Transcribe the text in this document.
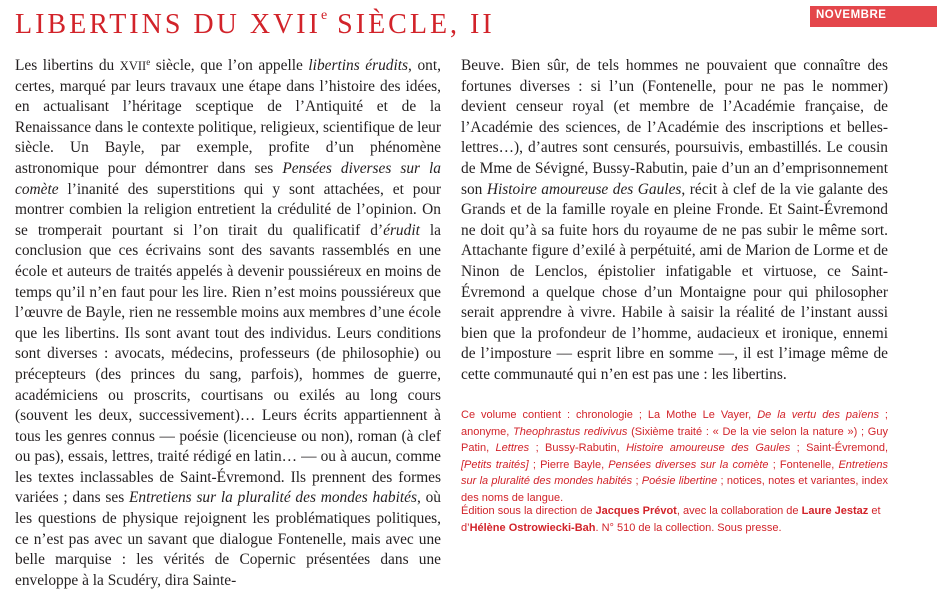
LIBERTINS DU XVIIe SIÈCLE, II	NOVEMBRE

Les libertins du XVIIe siècle, que l’on appelle libertins érudits, ont, certes, marqué par leurs travaux une étape dans l’histoire des idées, en actualisant l’héritage sceptique de l’Antiquité et de la Renaissance dans le contexte politique, religieux, scientifique de leur siècle. Un Bayle, par exemple, profite d’un phénomène astronomique pour démontrer dans ses Pensées diverses sur la comète l’inanité des superstitions qui y sont attachées, et pour montrer combien la religion entretient la crédulité de l’opinion. On se tromperait pourtant si l’on tirait du qualificatif d’érudit la conclusion que ces écrivains sont des savants rassemblés en une école et auteurs de traités appelés à devenir poussiéreux en moins de temps qu’il n’en faut pour les lire. Rien n’est moins poussiéreux que l’œuvre de Bayle, rien ne ressemble moins aux membres d’une école que les libertins. Ils sont avant tout des individus. Leurs conditions sont diverses : avocats, médecins, professeurs (de philosophie) ou précepteurs (des princes du sang, parfois), hommes de guerre, académiciens ou proscrits, courtisans ou exilés au long cours (souvent les deux, successivement)… Leurs écrits appartiennent à tous les genres connus — poésie (licencieuse ou non), roman (à clef ou pas), essais, lettres, traité rédigé en latin… — ou à aucun, comme les textes inclassables de Saint-Évremond. Ils prennent des formes variées ; dans ses Entretiens sur la pluralité des mondes habités, où les questions de physique rejoignent les problématiques politiques, ce n’est pas avec un savant que dialogue Fontenelle, mais avec une belle marquise : les vérités de Copernic présentées dans une enveloppe à la Scudéry, dira Sainte-

Beuve. Bien sûr, de tels hommes ne pouvaient que connaître des fortunes diverses : si l’un (Fontenelle, pour ne pas le nommer) devient censeur royal (et membre de l’Académie française, de l’Académie des sciences, de l’Académie des inscriptions et belles-lettres…), d’autres sont censurés, poursuivis, embastillés. Le cousin de Mme de Sévigné, Bussy-Rabutin, paie d’un an d’emprisonnement son Histoire amoureuse des Gaules, récit à clef de la vie galante des Grands et de la famille royale en pleine Fronde. Et Saint-Évremond ne doit qu’à sa fuite hors du royaume de ne pas subir le même sort. Attachante figure d’exilé à perpétuité, ami de Marion de Lorme et de Ninon de Lenclos, épistolier infatigable et virtuose, ce Saint-Évremond a quelque chose d’un Montaigne pour qui philosopher serait apprendre à vivre. Habile à saisir la réalité de l’instant aussi bien que la profondeur de l’homme, audacieux et ironique, ennemi de l’imposture — esprit libre en somme —, il est l’image même de cette communauté qui n’en est pas une : les libertins.

Ce volume contient : chronologie ; La Mothe Le Vayer, De la vertu des païens ; anonyme, Theophrastus redivivus (Sixième traité : « De la vie selon la nature ») ; Guy Patin, Lettres ; Bussy-Rabutin, Histoire amoureuse des Gaules ; Saint-Évremond, [Petits traités] ; Pierre Bayle, Pensées diverses sur la comète ; Fontenelle, Entretiens sur la pluralité des mondes habités ; Poésie libertine ; notices, notes et variantes, index des noms de langue.
Édition sous la direction de Jacques Prévot, avec la collaboration de Laure Jestaz et d’Hélène Ostrowiecki-Bah. N° 510 de la collection. Sous presse.
